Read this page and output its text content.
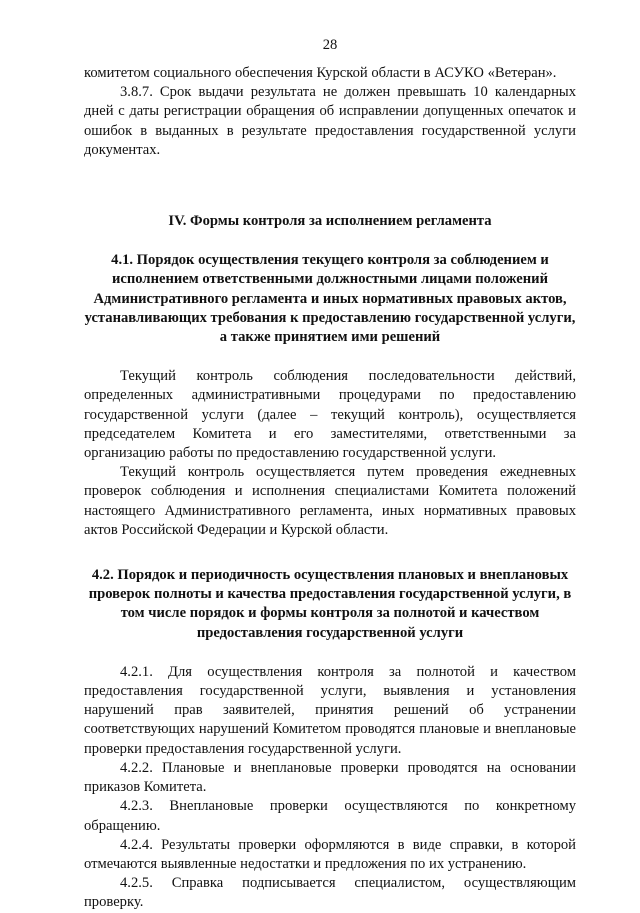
28

комитетом социального обеспечения Курской области в АСУКО «Ветеран».

3.8.7. Срок выдачи результата не должен превышать 10 календарных дней с даты регистрации обращения об исправлении допущенных опечаток и ошибок в выданных в результате предоставления государственной услуги документах.

IV. Формы контроля за исполнением регламента
4.1. Порядок осуществления текущего контроля за соблюдением и исполнением ответственными должностными лицами положений Административного регламента и иных нормативных правовых актов, устанавливающих требования к предоставлению государственной услуги, а также принятием ими решений

Текущий контроль соблюдения последовательности действий, определенных административными процедурами по предоставлению государственной услуги (далее – текущий контроль), осуществляется председателем Комитета и его заместителями, ответственными за организацию работы по предоставлению государственной услуги.

Текущий контроль осуществляется путем проведения ежедневных проверок соблюдения и исполнения специалистами Комитета положений настоящего Административного регламента, иных нормативных правовых актов Российской Федерации и Курской области.

4.2. Порядок и периодичность осуществления плановых и внеплановых проверок полноты и качества предоставления государственной услуги, в том числе порядок и формы контроля за полнотой и качеством предоставления государственной услуги

4.2.1. Для осуществления контроля за полнотой и качеством предоставления государственной услуги, выявления и установления нарушений прав заявителей, принятия решений об устранении соответствующих нарушений Комитетом проводятся плановые и внеплановые проверки предоставления государственной услуги.

4.2.2. Плановые и внеплановые проверки проводятся на основании приказов Комитета.

4.2.3. Внеплановые проверки осуществляются по конкретному обращению.

4.2.4. Результаты проверки оформляются в виде справки, в которой отмечаются выявленные недостатки и предложения по их устранению.

4.2.5. Справка подписывается специалистом, осуществляющим проверку.
